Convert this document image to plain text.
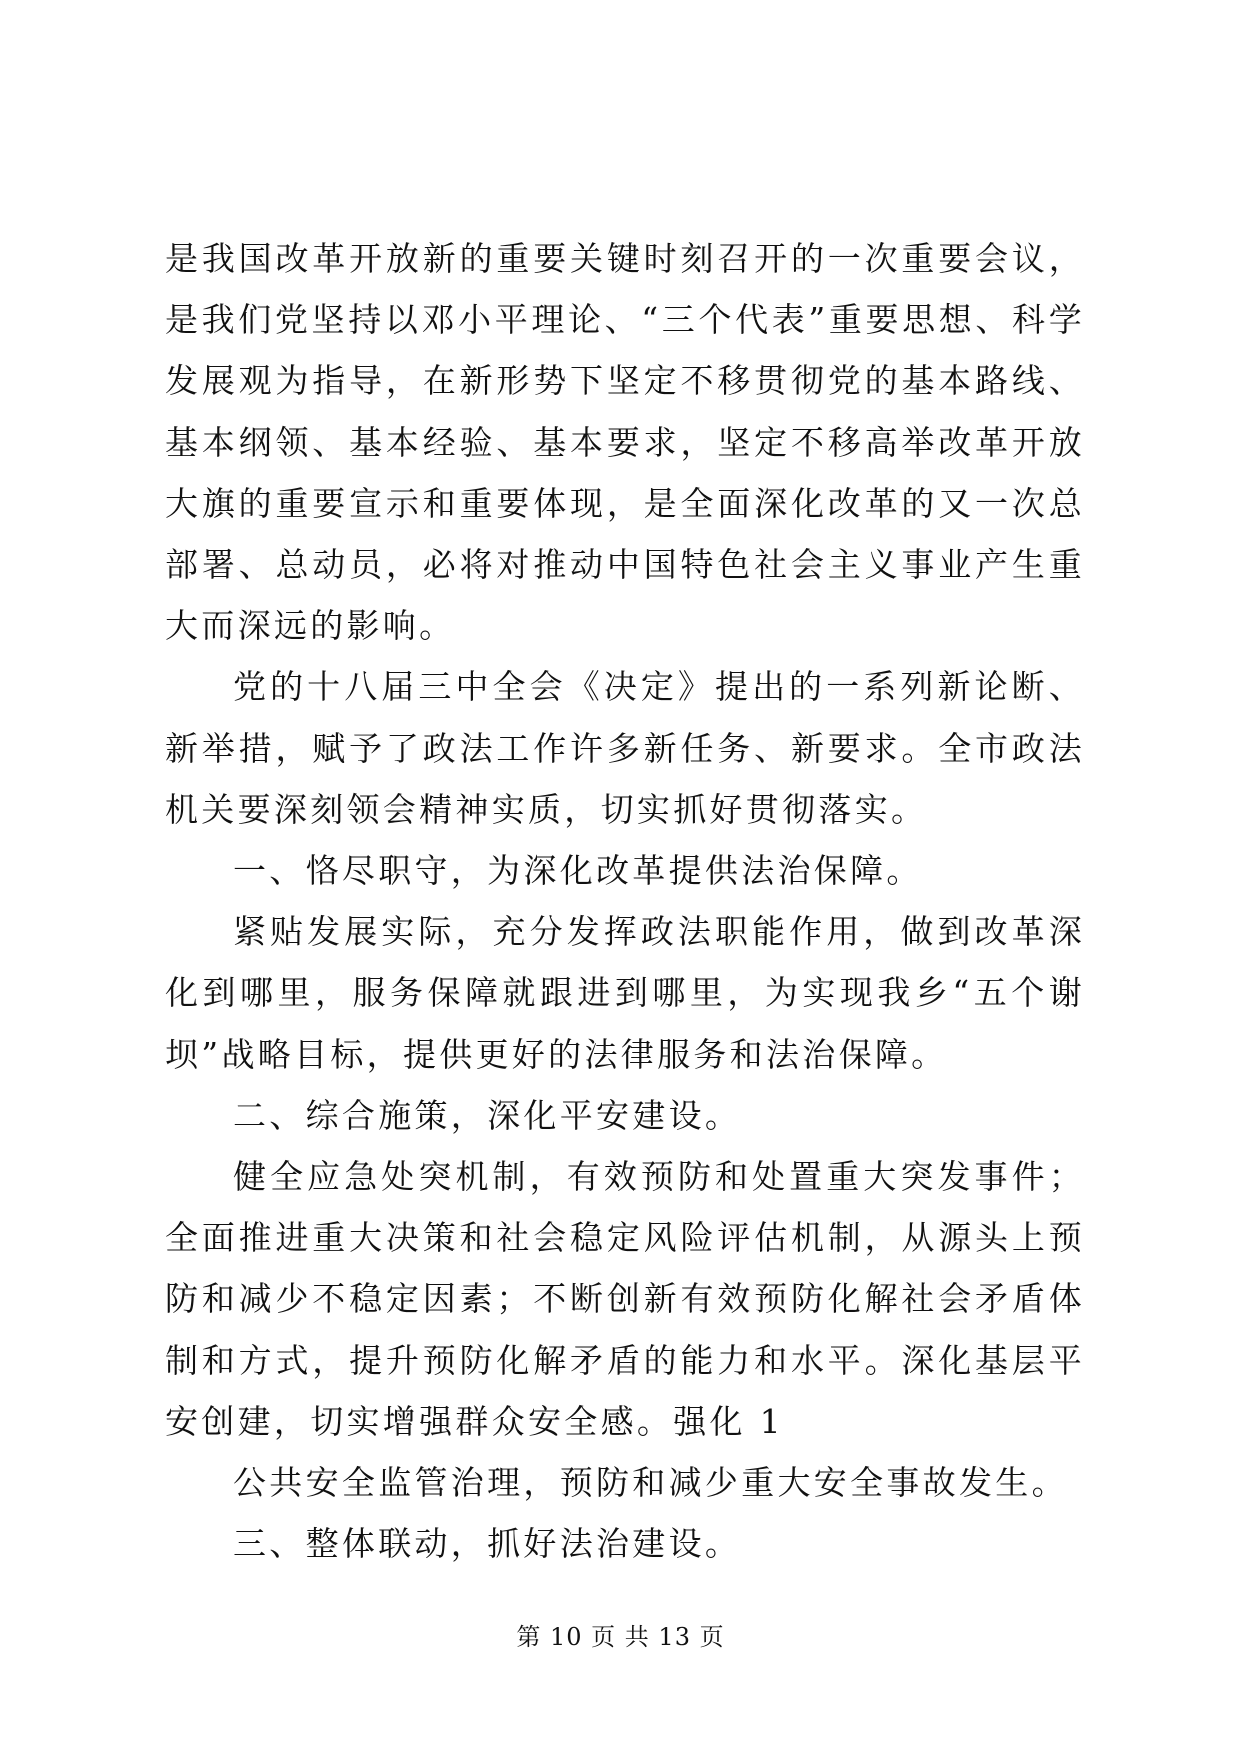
是我国改革开放新的重要关键时刻召开的一次重要会议，是我们党坚持以邓小平理论、“三个代表”重要思想、科学发展观为指导，在新形势下坚定不移贯彻党的基本路线、基本纲领、基本经验、基本要求，坚定不移高举改革开放大旗的重要宣示和重要体现，是全面深化改革的又一次总部署、总动员，必将对推动中国特色社会主义事业产生重大而深远的影响。

党的十八届三中全会《决定》提出的一系列新论断、新举措，赋予了政法工作许多新任务、新要求。全市政法机关要深刻领会精神实质，切实抓好贯彻落实。

一、恪尽职守，为深化改革提供法治保障。

紧贴发展实际，充分发挥政法职能作用，做到改革深化到哪里，服务保障就跟进到哪里，为实现我乡“五个谢坝”战略目标，提供更好的法律服务和法治保障。

二、综合施策，深化平安建设。

健全应急处突机制，有效预防和处置重大突发事件；全面推进重大决策和社会稳定风险评估机制，从源头上预防和减少不稳定因素；不断创新有效预防化解社会矛盾体制和方式，提升预防化解矛盾的能力和水平。深化基层平安创建，切实增强群众安全感。强化 1

公共安全监管治理，预防和减少重大安全事故发生。

三、整体联动，抓好法治建设。

第 10 页 共 13 页
